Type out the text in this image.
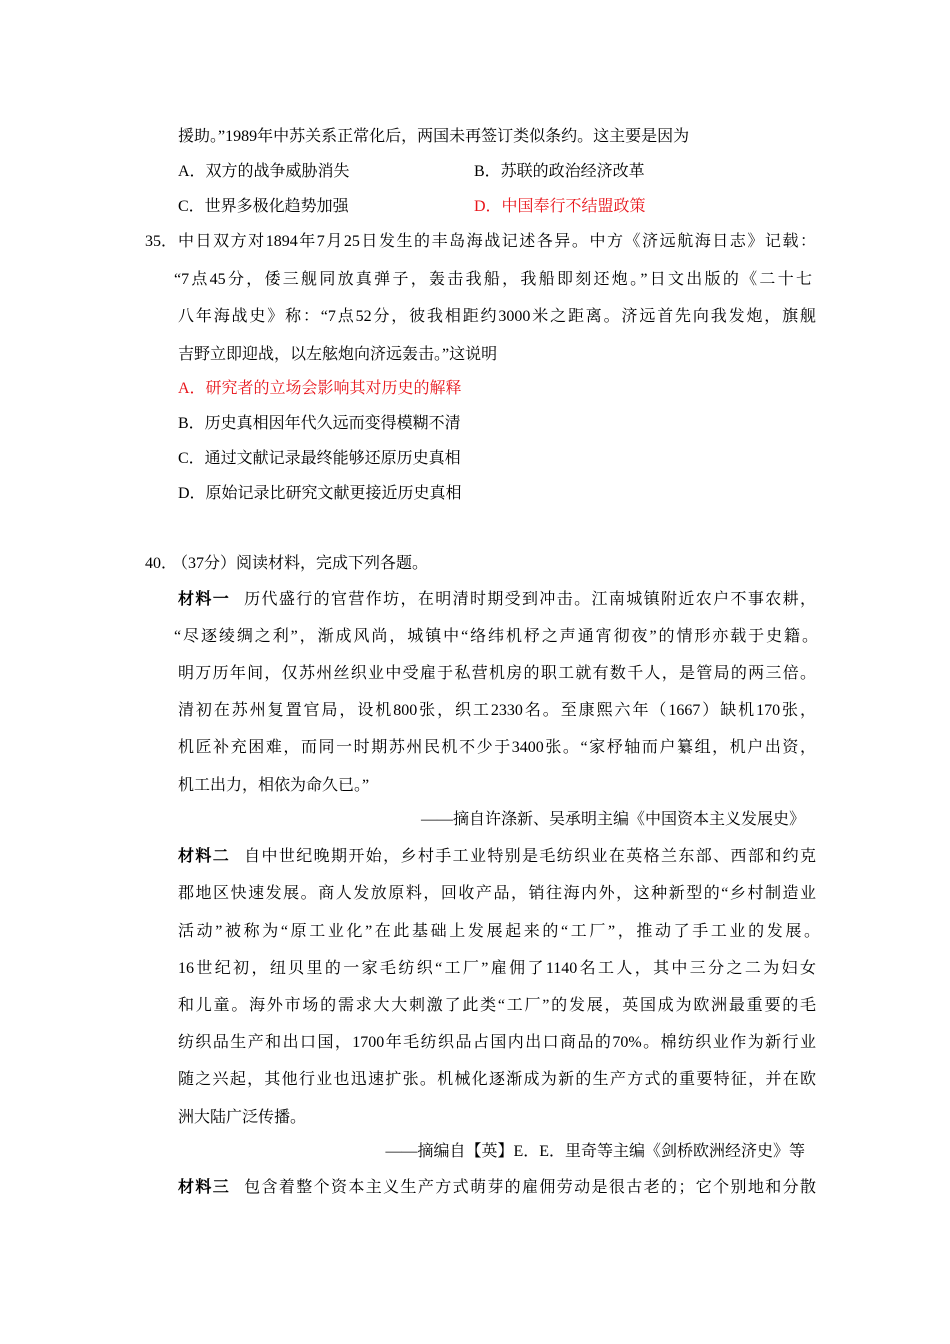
援助。”1989年中苏关系正常化后，两国未再签订类似条约。这主要是因为
A．双方的战争威胁消失	B．苏联的政治经济改革
C．世界多极化趋势加强	D．中国奉行不结盟政策
35． 中日双方对1894年7月25日发生的丰岛海战记述各异。中方《济远航海日志》记载：
“7点45分，倭三舰同放真弹子，轰击我船，我船即刻还炮。”日文出版的《二十七
八年海战史》称：“7点52分，彼我相距约3000米之距离。济远首先向我发炮，旗舰
吉野立即迎战，以左舷炮向济远轰击。”这说明
A．研究者的立场会影响其对历史的解释
B．历史真相因年代久远而变得模糊不清
C．通过文献记录最终能够还原历史真相
D．原始记录比研究文献更接近历史真相
40．
（37分）阅读材料，完成下列各题。
材料一 历代盛行的官营作坊，在明清时期受到冲击。江南城镇附近农户不事农耕，
“尽逐绫绸之利”，渐成风尚，城镇中“络纬机杼之声通宵彻夜”的情形亦载于史籍。
明万历年间，仅苏州丝织业中受雇于私营机房的职工就有数千人，是管局的两三倍。
清初在苏州复置官局，设机800张，织工2330名。至康熙六年（1667）缺机170张，
机匠补充困难，而同一时期苏州民机不少于3400张。“家杼轴而户纂组，机户出资，
机工出力，相依为命久已。”
——摘自许涤新、吴承明主编《中国资本主义发展史》
材料二 自中世纪晚期开始，乡村手工业特别是毛纺织业在英格兰东部、西部和约克
郡地区快速发展。商人发放原料，回收产品，销往海内外，这种新型的“乡村制造业
活动”被称为“原工业化”在此基础上发展起来的“工厂”，推动了手工业的发展。
16世纪初，纽贝里的一家毛纺织“工厂”雇佣了1140名工人，其中三分之二为妇女
和儿童。海外市场的需求大大刺激了此类“工厂”的发展，英国成为欧洲最重要的毛
纺织品生产和出口国，1700年毛纺织品占国内出口商品的70%。棉纺织业作为新行业
随之兴起，其他行业也迅速扩张。机械化逐渐成为新的生产方式的重要特征，并在欧
洲大陆广泛传播。
——摘编自【英】E．E．里奇等主编《剑桥欧洲经济史》等
材料三 包含着整个资本主义生产方式萌芽的雇佣劳动是很古老的；它个别地和分散
